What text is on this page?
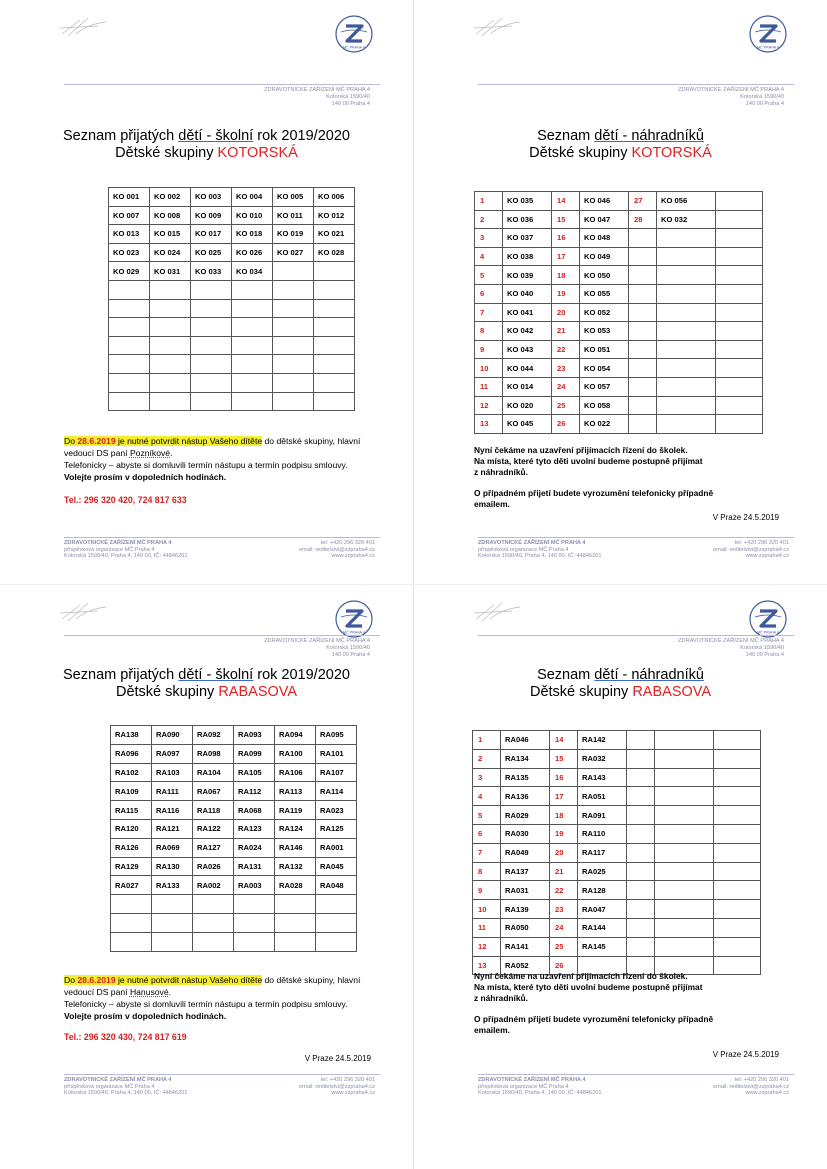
MČ PRAHA 4
ZDRAVOTNICKÉ ZAŘÍZENÍ MČ PRAHA 4
Kotorská 1590/40
140 00 Praha 4
Seznam přijatých dětí - školní rok 2019/2020
Dětské skupiny KOTORSKÁ
KO 001	KO 002	KO 003	KO 004	KO 005	KO 006
KO 007	KO 008	KO 009	KO 010	KO 011	KO 012
KO 013	KO 015	KO 017	KO 018	KO 019	KO 021
KO 023	KO 024	KO 025	KO 026	KO 027	KO 028
KO 029	KO 031	KO 033	KO 034		

Do 28.6.2019 je nutné potvrdit nástup Vašeho dítěte do dětské skupiny, hlavní vedoucí DS paní Pozníkové.
Telefonicky – abyste si domluvili termín nástupu a termín podpisu smlouvy. Volejte prosím v dopoledních hodinách.
Tel.: 296 320 420, 724 817 633
ZDRAVOTNICKÉ ZAŘÍZENÍ MČ PRAHA 4
příspěvková organizace MČ Praha 4
Kotorská 1590/40, Praha 4, 140 00, IČ: 44846201
tel: +420 296 320 401
email: reditelstvi@zzpraha4.cz
www.zzpraha4.cz
MČ PRAHA 4
ZDRAVOTNICKÉ ZAŘÍZENÍ MČ PRAHA 4
Kotorská 1590/40
140 00 Praha 4
Seznam dětí - náhradníků
Dětské skupiny KOTORSKÁ
1	KO 035	14	KO 046	27	KO 056	
2	KO 036	15	KO 047	28	KO 032	
3	KO 037	16	KO 048			
4	KO 038	17	KO 049			
5	KO 039	18	KO 050			
6	KO 040	19	KO 055			
7	KO 041	20	KO 052			
8	KO 042	21	KO 053			
9	KO 043	22	KO 051			
10	KO 044	23	KO 054			
11	KO 014	24	KO 057			
12	KO 020	25	KO 058			
13	KO 045	26	KO 022			
Nyní čekáme na uzavření přijímacích řízení do školek.
Na místa, které tyto děti uvolní budeme postupně přijímat
z náhradníků.
O případném přijetí budete vyrozumění telefonicky případně
emailem.
V Praze 24.5.2019
ZDRAVOTNICKÉ ZAŘÍZENÍ MČ PRAHA 4
příspěvková organizace MČ Praha 4
Kotorská 1590/40, Praha 4, 140 00, IČ: 44846201
tel: +420 296 320 401
email: reditelstvi@zzpraha4.cz
www.zzpraha4.cz
MČ PRAHA 4
ZDRAVOTNICKÉ ZAŘÍZENÍ MČ PRAHA 4
Kotorská 1590/40
140 00 Praha 4
Seznam přijatých dětí - školní rok 2019/2020
Dětské skupiny RABASOVA
RA138	RA090	RA092	RA093	RA094	RA095
RA096	RA097	RA098	RA099	RA100	RA101
RA102	RA103	RA104	RA105	RA106	RA107
RA109	RA111	RA067	RA112	RA113	RA114
RA115	RA116	RA118	RA068	RA119	RA023
RA120	RA121	RA122	RA123	RA124	RA125
RA126	RA069	RA127	RA024	RA146	RA001
RA129	RA130	RA026	RA131	RA132	RA045
RA027	RA133	RA002	RA003	RA028	RA048

Do 28.6.2019 je nutné potvrdit nástup Vašeho dítěte do dětské skupiny, hlavní vedoucí DS paní Hanusové.
Telefonicky – abyste si domluvili termín nástupu a termín podpisu smlouvy. Volejte prosím v dopoledních hodinách.
Tel.: 296 320 430, 724 817 619
V Praze 24.5.2019
ZDRAVOTNICKÉ ZAŘÍZENÍ MČ PRAHA 4
příspěvková organizace MČ Praha 4
Kotorská 1590/40, Praha 4, 140 00, IČ: 44846201
tel: +420 296 320 401
email: reditelstvi@zzpraha4.cz
www.zzpraha4.cz
MČ PRAHA 4
ZDRAVOTNICKÉ ZAŘÍZENÍ MČ PRAHA 4
Kotorská 1590/40
140 00 Praha 4
Seznam dětí - náhradníků
Dětské skupiny RABASOVA
1	RA046	14	RA142			
2	RA134	15	RA032			
3	RA135	16	RA143			
4	RA136	17	RA051			
5	RA029	18	RA091			
6	RA030	19	RA110			
7	RA049	20	RA117			
8	RA137	21	RA025			
9	RA031	22	RA128			
10	RA139	23	RA047			
11	RA050	24	RA144			
12	RA141	25	RA145			
13	RA052	26				
Nyní čekáme na uzavření přijímacích řízení do školek.
Na místa, které tyto děti uvolní budeme postupně přijímat
z náhradníků.
O případném přijetí budete vyrozumění telefonicky případně
emailem.
V Praze 24.5.2019
ZDRAVOTNICKÉ ZAŘÍZENÍ MČ PRAHA 4
příspěvková organizace MČ Praha 4
Kotorská 1590/40, Praha 4, 140 00, IČ: 44846201
tel: +420 296 320 401
email: reditelstvi@zzpraha4.cz
www.zzpraha4.cz
